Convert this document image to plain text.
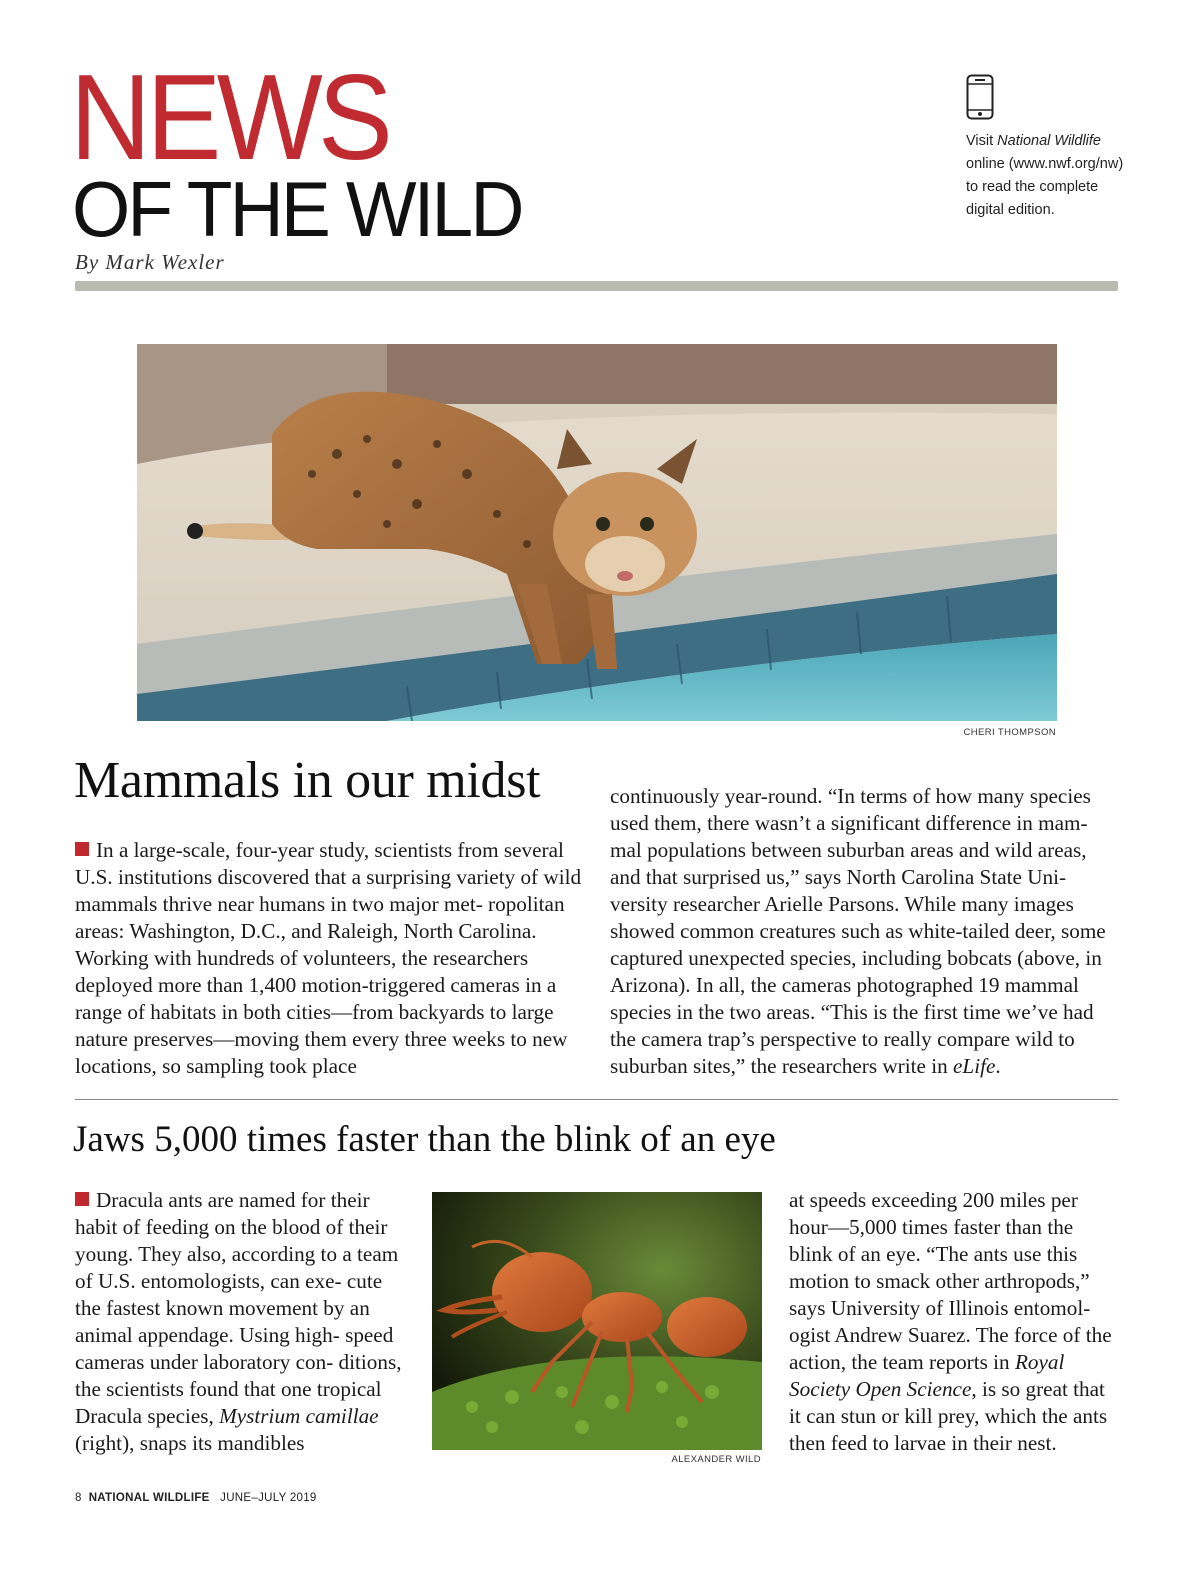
NEWS
OF THE WILD
By Mark Wexler
Visit National Wildlife online (www.nwf.org/nw) to read the complete digital edition.
CHERI THOMPSON
Mammals in our midst

In a large-scale, four-year study, scientists from several U.S. institutions discovered that a surprising variety of wild mammals thrive near humans in two major met- ropolitan areas: Washington, D.C., and Raleigh, North Carolina. Working with hundreds of volunteers, the researchers deployed more than 1,400 motion-triggered cameras in a range of habitats in both cities—from backyards to large nature preserves—moving them every three weeks to new locations, so sampling took place

continuously year-round. “In terms of how many species used them, there wasn’t a significant difference in mam- mal populations between suburban areas and wild areas, and that surprised us,” says North Carolina State Uni- versity researcher Arielle Parsons. While many images showed common creatures such as white-tailed deer, some captured unexpected species, including bobcats (above, in Arizona). In all, the cameras photographed 19 mammal species in the two areas. “This is the first time we’ve had the camera trap’s perspective to really compare wild to suburban sites,” the researchers write in eLife.

Jaws 5,000 times faster than the blink of an eye

Dracula ants are named for their habit of feeding on the blood of their young. They also, according to a team of U.S. entomologists, can exe- cute the fastest known movement by an animal appendage. Using high- speed cameras under laboratory con- ditions, the scientists found that one tropical Dracula species, Mystrium camillae (right), snaps its mandibles

ALEXANDER WILD

at speeds exceeding 200 miles per hour—5,000 times faster than the blink of an eye. “The ants use this motion to smack other arthropods,” says University of Illinois entomol- ogist Andrew Suarez. The force of the action, the team reports in Royal Society Open Science, is so great that it can stun or kill prey, which the ants then feed to larvae in their nest.

8 NATIONAL WILDLIFE JUNE–JULY 2019
